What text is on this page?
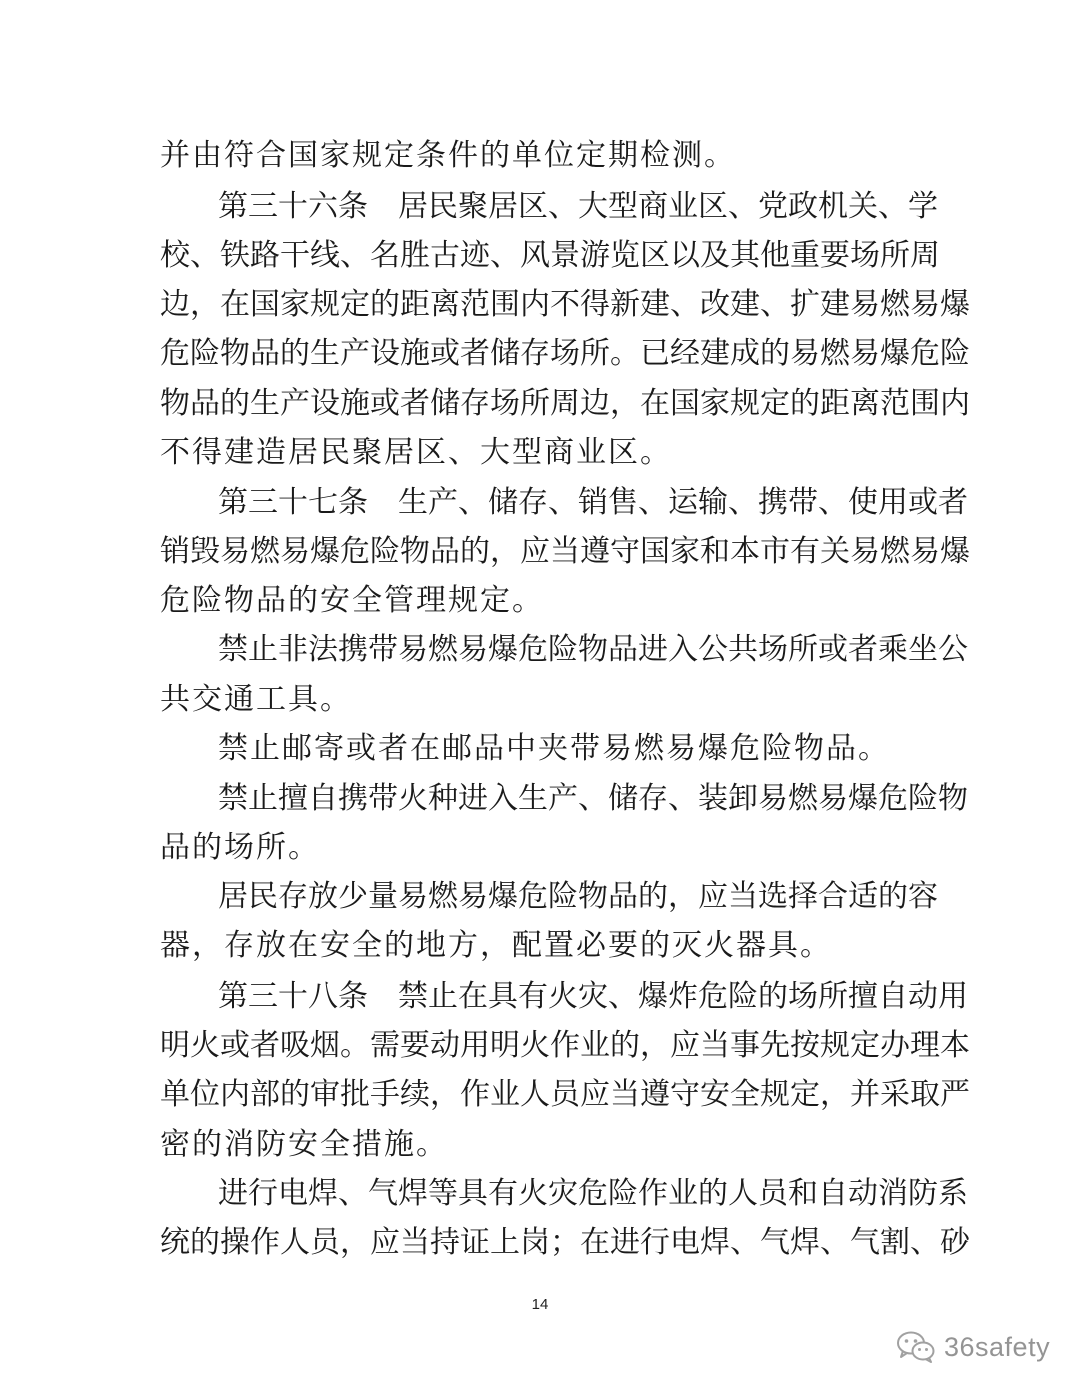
并由符合国家规定条件的单位定期检测。
第三十六条　居民聚居区、大型商业区、党政机关、学
校、铁路干线、名胜古迹、风景游览区以及其他重要场所周
边，在国家规定的距离范围内不得新建、改建、扩建易燃易爆
危险物品的生产设施或者储存场所。已经建成的易燃易爆危险
物品的生产设施或者储存场所周边，在国家规定的距离范围内
不得建造居民聚居区、大型商业区。
第三十七条　生产、储存、销售、运输、携带、使用或者
销毁易燃易爆危险物品的，应当遵守国家和本市有关易燃易爆
危险物品的安全管理规定。
禁止非法携带易燃易爆危险物品进入公共场所或者乘坐公
共交通工具。
禁止邮寄或者在邮品中夹带易燃易爆危险物品。
禁止擅自携带火种进入生产、储存、装卸易燃易爆危险物
品的场所。
居民存放少量易燃易爆危险物品的，应当选择合适的容
器，存放在安全的地方，配置必要的灭火器具。
第三十八条　禁止在具有火灾、爆炸危险的场所擅自动用
明火或者吸烟。需要动用明火作业的，应当事先按规定办理本
单位内部的审批手续，作业人员应当遵守安全规定，并采取严
密的消防安全措施。
进行电焊、气焊等具有火灾危险作业的人员和自动消防系
统的操作人员，应当持证上岗；在进行电焊、气焊、气割、砂
14
36safety
